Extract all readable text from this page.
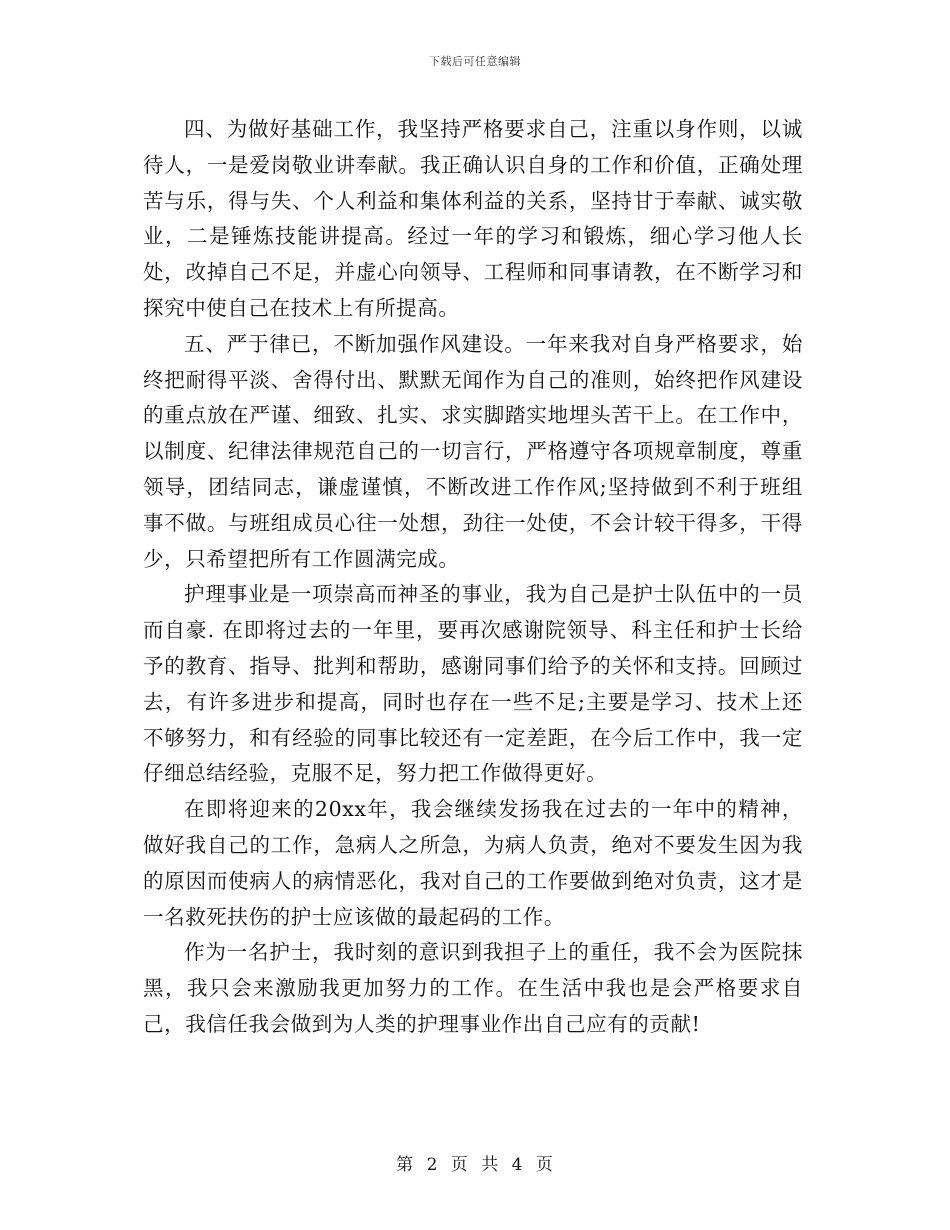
下载后可任意编辑

四、为做好基础工作，我坚持严格要求自己，注重以身作则，以诚待人，一是爱岗敬业讲奉献。我正确认识自身的工作和价值，正确处理苦与乐，得与失、个人利益和集体利益的关系，坚持甘于奉献、诚实敬业，二是锤炼技能讲提高。经过一年的学习和锻炼，细心学习他人长处，改掉自己不足，并虚心向领导、工程师和同事请教，在不断学习和探究中使自己在技术上有所提高。

五、严于律已，不断加强作风建设。一年来我对自身严格要求，始终把耐得平淡、舍得付出、默默无闻作为自己的准则，始终把作风建设的重点放在严谨、细致、扎实、求实脚踏实地埋头苦干上。在工作中，以制度、纪律法律规范自己的一切言行，严格遵守各项规章制度，尊重领导，团结同志，谦虚谨慎，不断改进工作作风;坚持做到不利于班组事不做。与班组成员心往一处想，劲往一处使，不会计较干得多，干得少，只希望把所有工作圆满完成。

护理事业是一项崇高而神圣的事业，我为自己是护士队伍中的一员而自豪. 在即将过去的一年里，要再次感谢院领导、科主任和护士长给予的教育、指导、批判和帮助，感谢同事们给予的关怀和支持。回顾过去，有许多进步和提高，同时也存在一些不足;主要是学习、技术上还不够努力，和有经验的同事比较还有一定差距，在今后工作中，我一定仔细总结经验，克服不足，努力把工作做得更好。

在即将迎来的20xx年，我会继续发扬我在过去的一年中的精神，做好我自己的工作，急病人之所急，为病人负责，绝对不要发生因为我的原因而使病人的病情恶化，我对自己的工作要做到绝对负责，这才是一名救死扶伤的护士应该做的最起码的工作。

作为一名护士，我时刻的意识到我担子上的重任，我不会为医院抹黑，我只会来激励我更加努力的工作。在生活中我也是会严格要求自己，我信任我会做到为人类的护理事业作出自己应有的贡献!

第 2 页 共 4 页
